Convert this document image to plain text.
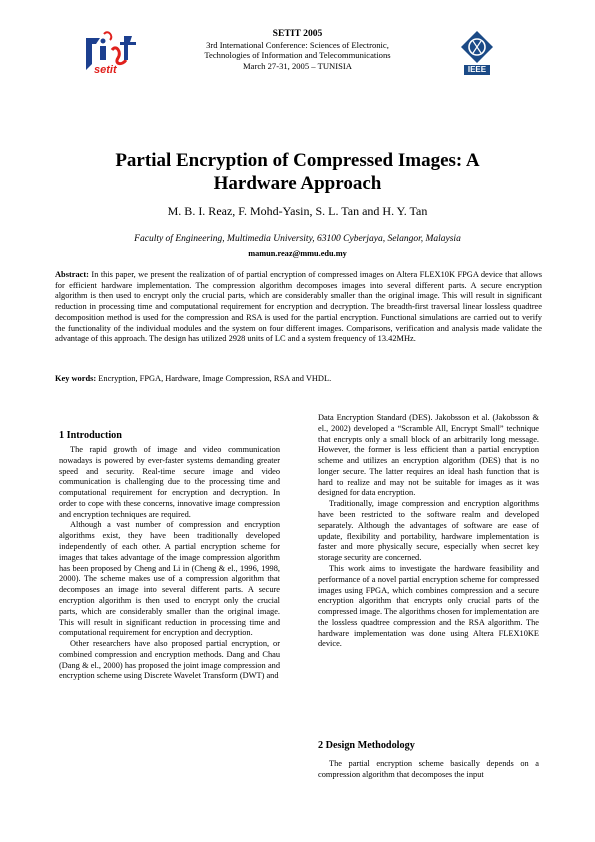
setit
SETIT 2005
3rd International Conference: Sciences of Electronic,
Technologies of Information and Telecommunications
March 27-31, 2005 – TUNISIA	IEEE
Partial Encryption of Compressed Images: A
Hardware Approach
M. B. I. Reaz, F. Mohd-Yasin, S. L. Tan and H. Y. Tan
Faculty of Engineering, Multimedia University, 63100 Cyberjaya, Selangor, Malaysia
mamun.reaz@mmu.edu.my
Abstract: In this paper, we present the realization of of partial encryption of compressed images on Altera FLEX10K FPGA device that allows for efficient hardware implementation. The compression algorithm decomposes images into several different parts. A secure encryption algorithm is then used to encrypt only the crucial parts, which are considerably smaller than the original image. This will result in significant reduction in processing time and computational requirement for encryption and decryption. The breadth-first traversal linear lossless quadtree decomposition method is used for the compression and RSA is used for the partial encryption. Functional simulations are carried out to verify the functionality of the individual modules and the system on four different images. Comparisons, verification and analysis made validate the advantage of this approach. The design has utilized 2928 units of LC and a system frequency of 13.42MHz.
Key words: Encryption, FPGA, Hardware, Image Compression, RSA and VHDL.
1 Introduction

The rapid growth of image and video communication nowadays is powered by ever-faster systems demanding greater speed and security. Real-time secure image and video communication is challenging due to the processing time and computational requirement for encryption and decryption. In order to cope with these concerns, innovative image compression and encryption techniques are required.

Although a vast number of compression and encryption algorithms exist, they have been traditionally developed independently of each other. A partial encryption scheme for images that takes advantage of the image compression algorithm has been proposed by Cheng and Li in (Cheng & el., 1996, 1998, 2000). The scheme makes use of a compression algorithm that decomposes an image into several different parts. A secure encryption algorithm is then used to encrypt only the crucial parts, which are considerably smaller than the original image. This will result in significant reduction in processing time and computational requirement for encryption and decryption.

Other researchers have also proposed partial encryption, or combined compression and encryption methods. Dang and Chau (Dang & el., 2000) has proposed the joint image compression and encryption scheme using Discrete Wavelet Transform (DWT) and

Data Encryption Standard (DES). Jakobsson et al. (Jakobsson & el., 2002) developed a “Scramble All, Encrypt Small” technique that encrypts only a small block of an arbitrarily long message. However, the former is less efficient than a partial encryption scheme and utilizes an encryption algorithm (DES) that is no longer secure. The latter requires an ideal hash function that is hard to realize and may not be suitable for images as it was designed for data encryption.

Traditionally, image compression and encryption algorithms have been restricted to the software realm and developed separately. Although the advantages of software are ease of update, flexibility and portability, hardware implementation is faster and more physically secure, especially when secret key storage security are concerned.

This work aims to investigate the hardware feasibility and performance of a novel partial encryption scheme for compressed images using FPGA, which combines compression and a secure encryption algorithm that encrypts only crucial parts of the compressed image. The algorithms chosen for implementation are the lossless quadtree compression and the RSA algorithm. The hardware implementation was done using Altera FLEX10KE device.

2 Design Methodology

The partial encryption scheme basically depends on a compression algorithm that decomposes the input
